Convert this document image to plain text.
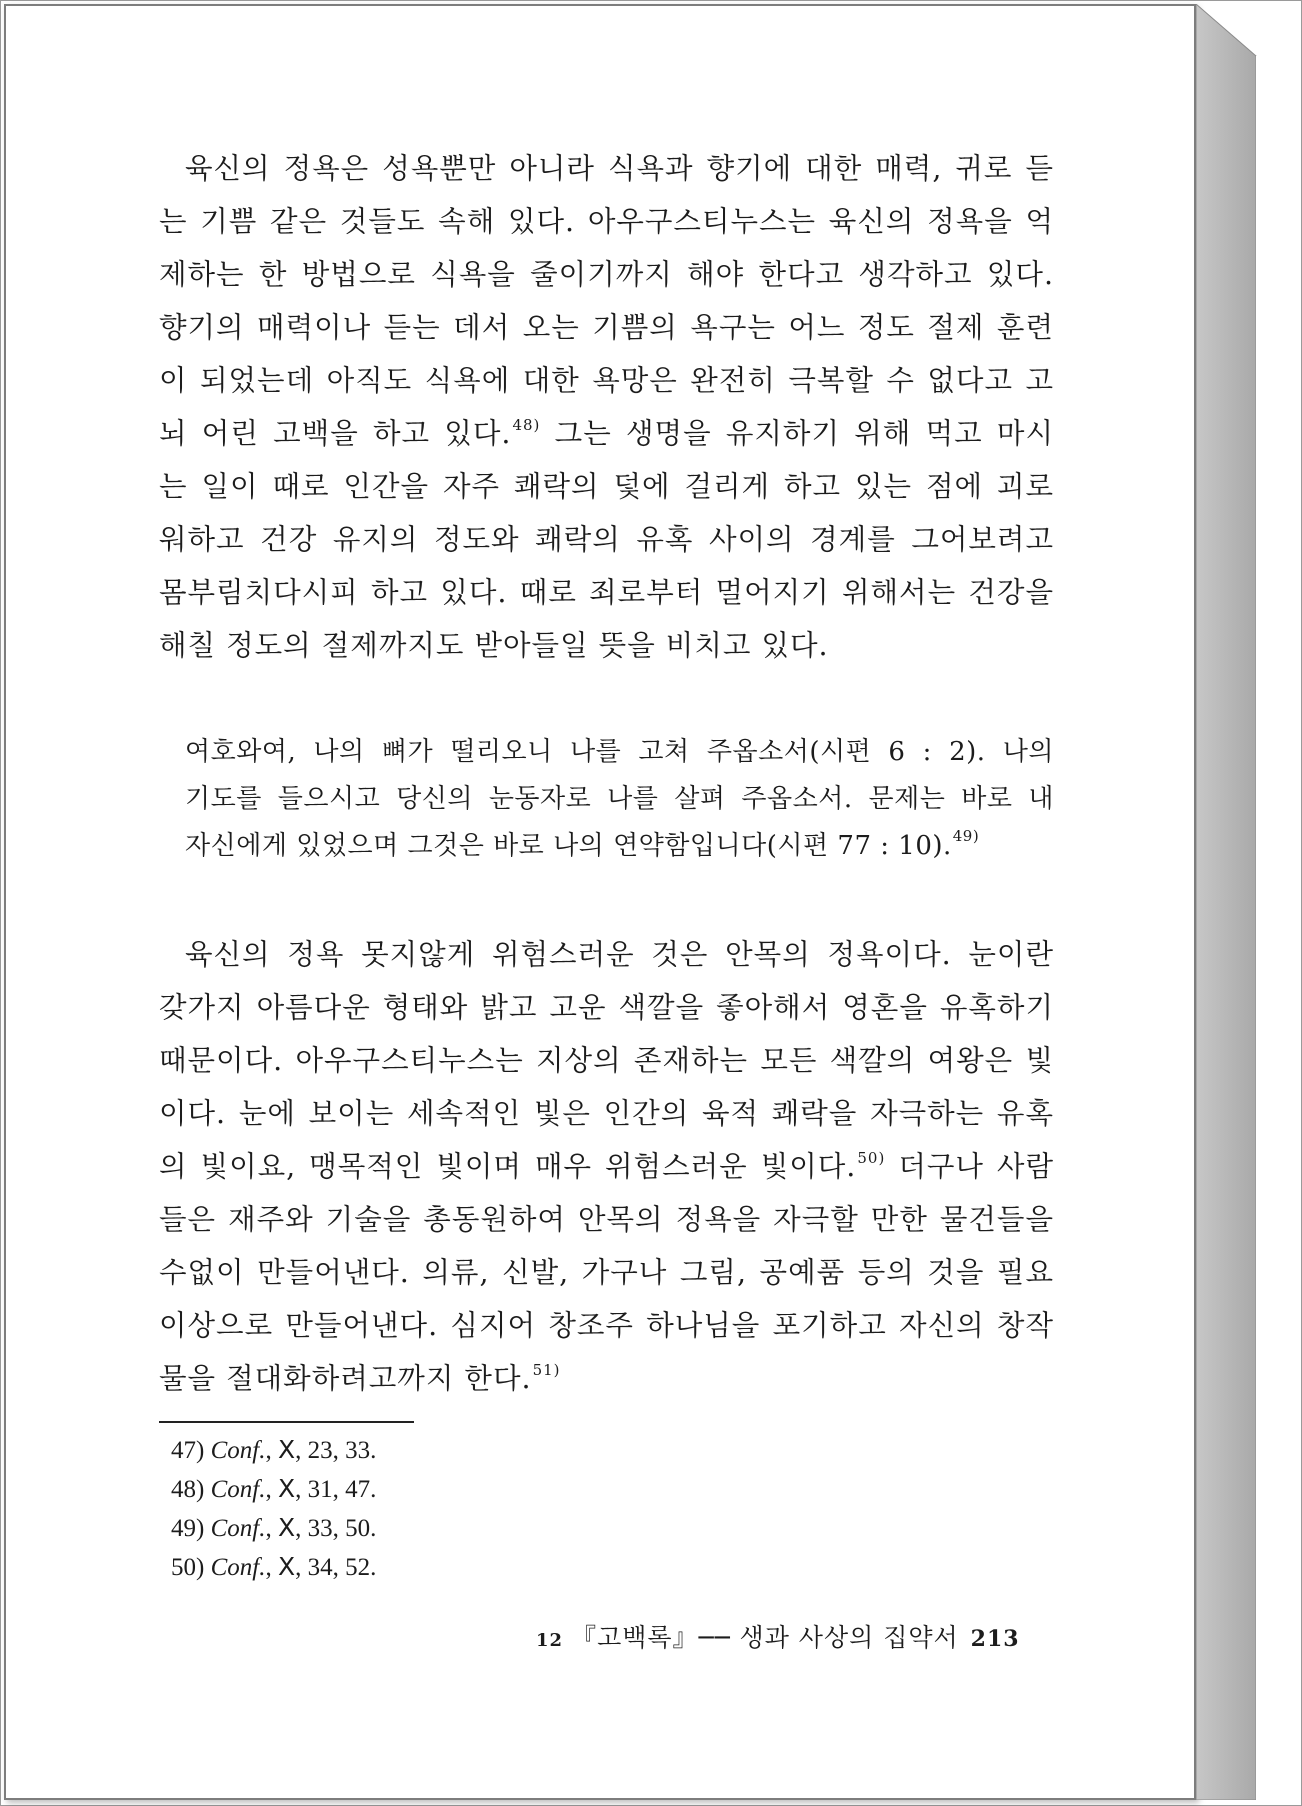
육신의 정욕은 성욕뿐만 아니라 식욕과 향기에 대한 매력, 귀로 듣
는 기쁨 같은 것들도 속해 있다. 아우구스티누스는 육신의 정욕을 억
제하는 한 방법으로 식욕을 줄이기까지 해야 한다고 생각하고 있다.
향기의 매력이나 듣는 데서 오는 기쁨의 욕구는 어느 정도 절제 훈련
이 되었는데 아직도 식욕에 대한 욕망은 완전히 극복할 수 없다고 고
뇌 어린 고백을 하고 있다.$^{48)}$ 그는 생명을 유지하기 위해 먹고 마시
는 일이 때로 인간을 자주 쾌락의 덫에 걸리게 하고 있는 점에 괴로
워하고 건강 유지의 정도와 쾌락의 유혹 사이의 경계를 그어보려고
몸부림치다시피 하고 있다. 때로 죄로부터 멀어지기 위해서는 건강을
해칠 정도의 절제까지도 받아들일 뜻을 비치고 있다.
여호와여, 나의 뼈가 떨리오니 나를 고쳐 주옵소서(시편 6 : 2). 나의
기도를 들으시고 당신의 눈동자로 나를 살펴 주옵소서. 문제는 바로 내
자신에게 있었으며 그것은 바로 나의 연약함입니다(시편 77 : 10).$^{49)}$
육신의 정욕 못지않게 위험스러운 것은 안목의 정욕이다. 눈이란
갖가지 아름다운 형태와 밝고 고운 색깔을 좋아해서 영혼을 유혹하기
때문이다. 아우구스티누스는 지상의 존재하는 모든 색깔의 여왕은 빛
이다. 눈에 보이는 세속적인 빛은 인간의 육적 쾌락을 자극하는 유혹
의 빛이요, 맹목적인 빛이며 매우 위험스러운 빛이다.$^{50)}$ 더구나 사람
들은 재주와 기술을 총동원하여 안목의 정욕을 자극할 만한 물건들을
수없이 만들어낸다. 의류, 신발, 가구나 그림, 공예품 등의 것을 필요
이상으로 만들어낸다. 심지어 창조주 하나님을 포기하고 자신의 창작
물을 절대화하려고까지 한다.$^{51)}$
47) Conf., Ⅹ, 23, 33.
48) Conf., Ⅹ, 31, 47.
49) Conf., Ⅹ, 33, 50.
50) Conf., Ⅹ, 34, 52.
12 『고백록』── 생과 사상의 집약서 213
